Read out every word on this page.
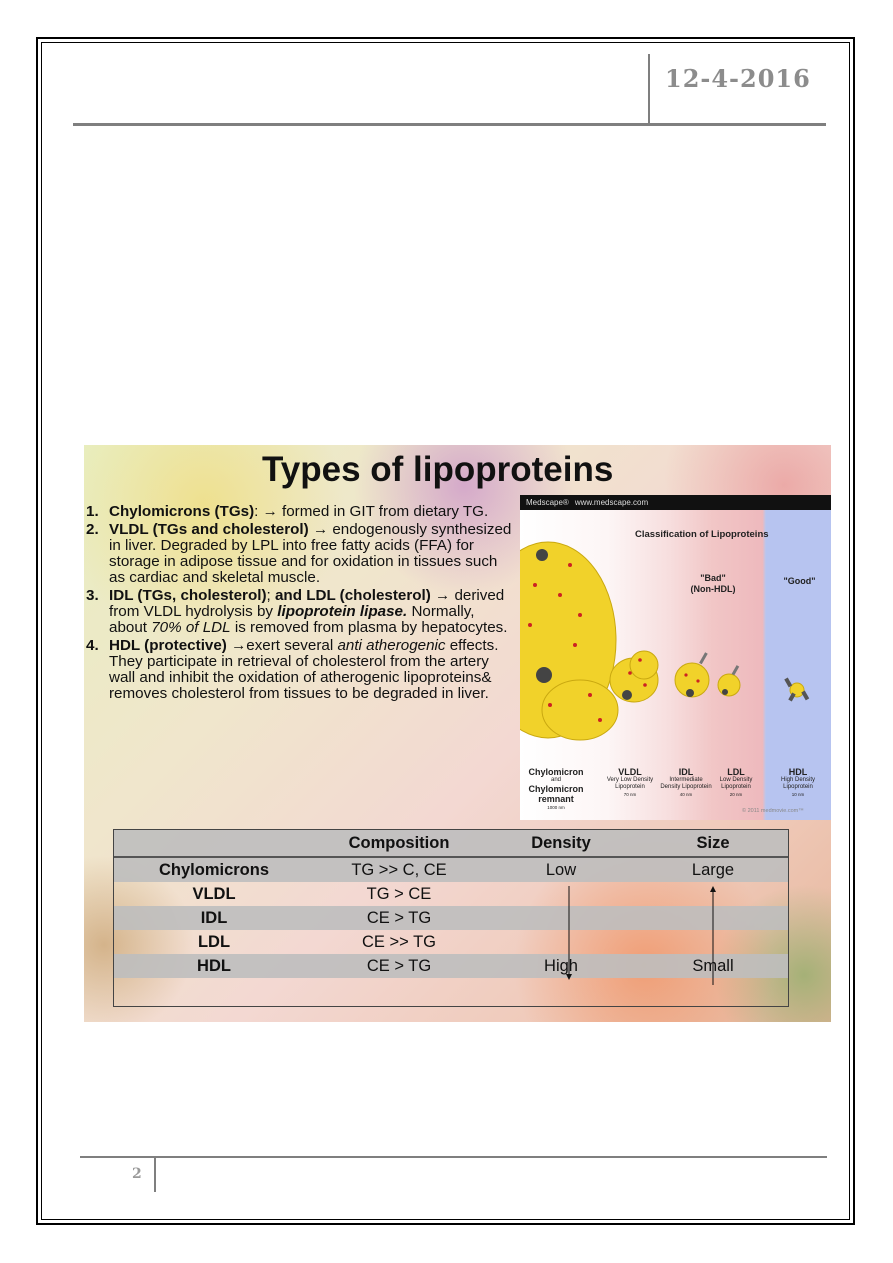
12-4-2016
Types of lipoproteins
1. Chylomicrons (TGs): → formed in GIT from dietary TG.
2. VLDL (TGs and cholesterol) → endogenously synthesized in liver. Degraded by LPL into free fatty acids (FFA) for storage in adipose tissue and for oxidation in tissues such as cardiac and skeletal muscle.
3. IDL (TGs, cholesterol); and LDL (cholesterol) → derived from VLDL hydrolysis by lipoprotein lipase. Normally, about 70% of LDL is removed from plasma by hepatocytes.
4. HDL (protective) →exert several anti atherogenic effects. They participate in retrieval of cholesterol from the artery wall and inhibit the oxidation of atherogenic lipoproteins& removes cholesterol from tissues to be degraded in liver.
Medscape® www.medscape.com
Classification of Lipoproteins
"Bad"
(Non-HDL)
"Good"
Chylomicron
and
Chylomicron
remnant
1000 nm
VLDL
Very Low Density Lipoprotein
70 nm
IDL
Intermediate Density Lipoprotein
40 nm
LDL
Low Density Lipoprotein
20 nm
HDL
High Density Lipoprotein
10 nm
© 2011 medmovie.com™
	Composition	Density	Size
Chylomicrons	TG >> C, CE	Low	Large
VLDL	TG > CE		
IDL	CE > TG		
LDL	CE >> TG		
HDL	CE > TG	High	Small
2
